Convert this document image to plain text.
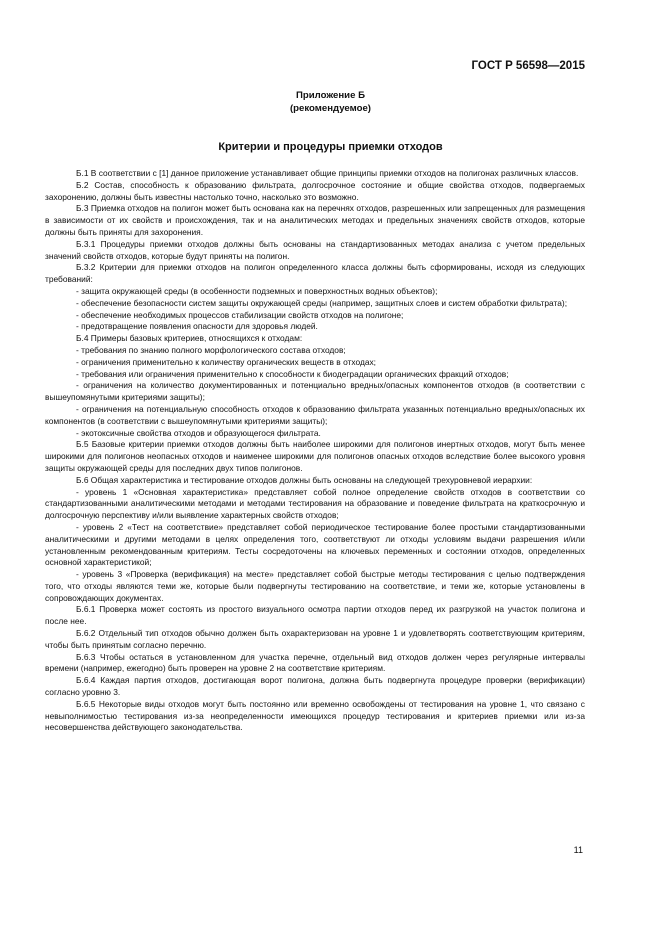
ГОСТ Р 56598—2015
Приложение Б
(рекомендуемое)
Критерии и процедуры приемки отходов

Б.1 В соответствии с [1] данное приложение устанавливает общие принципы приемки отходов на полигонах различных классов.

Б.2 Состав, способность к образованию фильтрата, долгосрочное состояние и общие свойства отходов, подвергаемых захоронению, должны быть известны настолько точно, насколько это возможно.

Б.3 Приемка отходов на полигон может быть основана как на перечнях отходов, разрешенных или запрещенных для размещения в зависимости от их свойств и происхождения, так и на аналитических методах и предельных значениях свойств отходов, которые должны быть приняты для захоронения.

Б.3.1 Процедуры приемки отходов должны быть основаны на стандартизованных методах анализа с учетом предельных значений свойств отходов, которые будут приняты на полигон.

Б.3.2 Критерии для приемки отходов на полигон определенного класса должны быть сформированы, исходя из следующих требований:

- защита окружающей среды (в особенности подземных и поверхностных водных объектов);

- обеспечение безопасности систем защиты окружающей среды (например, защитных слоев и систем обработки фильтрата);

- обеспечение необходимых процессов стабилизации свойств отходов на полигоне;

- предотвращение появления опасности для здоровья людей.

Б.4 Примеры базовых критериев, относящихся к отходам:

- требования по знанию полного морфологического состава отходов;

- ограничения применительно к количеству органических веществ в отходах;

- требования или ограничения применительно к способности к биодеградации органических фракций отходов;

- ограничения на количество документированных и потенциально вредных/опасных компонентов отходов (в соответствии с вышеупомянутыми критериями защиты);

- ограничения на потенциальную способность отходов к образованию фильтрата указанных потенциально вредных/опасных их компонентов (в соответствии с вышеупомянутыми критериями защиты);

- экотоксичные свойства отходов и образующегося фильтрата.

Б.5 Базовые критерии приемки отходов должны быть наиболее широкими для полигонов инертных отходов, могут быть менее широкими для полигонов неопасных отходов и наименее широкими для полигонов опасных отходов вследствие более высокого уровня защиты окружающей среды для последних двух типов полигонов.

Б.6 Общая характеристика и тестирование отходов должны быть основаны на следующей трехуровневой иерархии:

- уровень 1 «Основная характеристика» представляет собой полное определение свойств отходов в соответствии со стандартизованными аналитическими методами и методами тестирования на образование и поведение фильтрата на краткосрочную и долгосрочную перспективу и/или выявление характерных свойств отходов;

- уровень 2 «Тест на соответствие» представляет собой периодическое тестирование более простыми стандартизованными аналитическими и другими методами в целях определения того, соответствуют ли отходы условиям выдачи разрешения и/или установленным рекомендованным критериям. Тесты сосредоточены на ключевых переменных и состоянии отходов, определенных основной характеристикой;

- уровень 3 «Проверка (верификация) на месте» представляет собой быстрые методы тестирования с целью подтверждения того, что отходы являются теми же, которые были подвергнуты тестированию на соответствие, и теми же, которые установлены в сопровождающих документах.

Б.6.1 Проверка может состоять из простого визуального осмотра партии отходов перед их разгрузкой на участок полигона и после нее.

Б.6.2 Отдельный тип отходов обычно должен быть охарактеризован на уровне 1 и удовлетворять соответствующим критериям, чтобы быть принятым согласно перечню.

Б.6.3 Чтобы остаться в установленном для участка перечне, отдельный вид отходов должен через регулярные интервалы времени (например, ежегодно) быть проверен на уровне 2 на соответствие критериям.

Б.6.4 Каждая партия отходов, достигающая ворот полигона, должна быть подвергнута процедуре проверки (верификации) согласно уровню 3.

Б.6.5 Некоторые виды отходов могут быть постоянно или временно освобождены от тестирования на уровне 1, что связано с невыполнимостью тестирования из-за неопределенности имеющихся процедур тестирования и критериев приемки или из-за несовершенства действующего законодательства.

11
